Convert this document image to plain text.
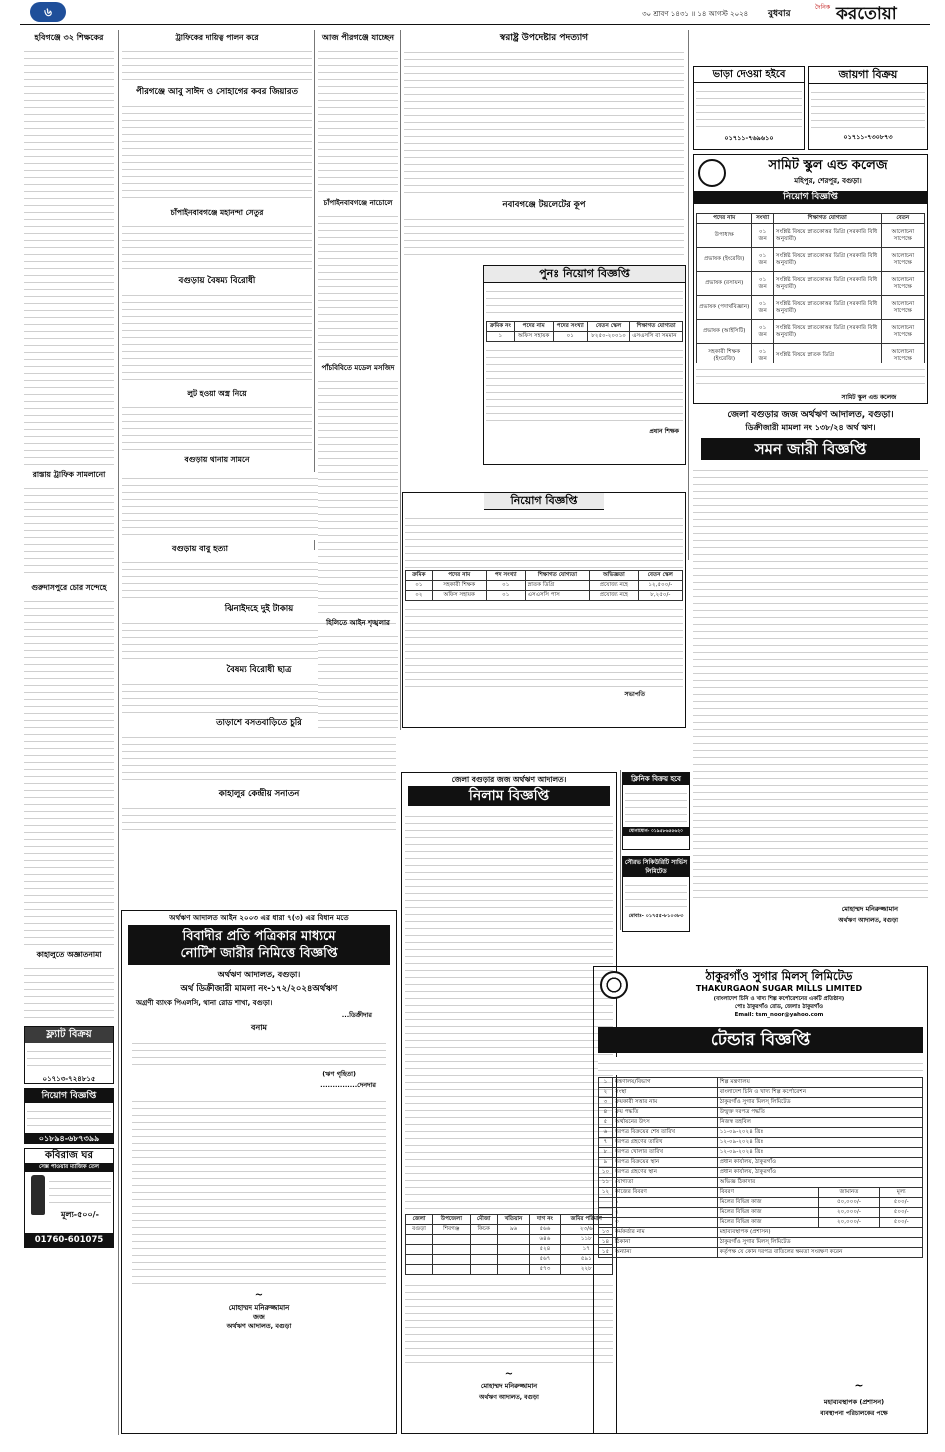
৬	৩০ শ্রাবণ ১৪৩১ ॥ ১৪ আগস্ট ২০২৪ বুধবার
দৈনিক করতোয়া
হবিগঞ্জে ৩২ শিক্ষকের
রাস্তায় ট্রাফিক সামলানো
গুরুদাসপুরে চোর সন্দেহে
কাহালুতে অজ্ঞাতনামা
ফ্ল্যাট বিক্রয়
০১৭১৩-৭২৪৮১৫
নিয়োগ বিজ্ঞপ্তি
০১৮৯৪-৬৮৭৩৯৯
কবিরাজ ঘর
সেক্স পাওয়ার ম্যাজিক তেল
মূল্য-৫০০/-
01760-601075
ট্রাফিকের দায়িত্ব পালন করে
পীরগঞ্জে আবু সাঈদ ও সোহাগের কবর জিয়ারত
চাঁপাইনবাবগঞ্জে মহানন্দা সেতুর
বগুড়ায় বৈষম্য বিরোধী
লুট হওয়া অস্ত্র নিয়ে
বগুড়ায় থানায় সামনে
বগুড়ায় বাবু হত্যা
ঝিনাইদহে দুই টাকায়
বৈষম্য বিরোধী ছাত্র
তাড়াশে বসতবাড়িতে চুরি
কাহালুর কেন্দ্রীয় সনাতন
আজ পীরগঞ্জে যাচ্ছেন
চাঁপাইনবাবগঞ্জে নাচোলে
পাঁচবিবিতে মডেল মসজিদ
হিলিতে আইন শৃঙ্খলার
স্বরাষ্ট্র উপদেষ্টার পদত্যাগ
নবাবগঞ্জে টয়লেটের কূপ
পুনঃ নিয়োগ বিজ্ঞপ্তি
ক্রমিক নং	পদের নাম	পদের সংখ্যা	বেতন স্কেল	শিক্ষাগত যোগ্যতা
১	অফিস সহায়ক	০১	৮২৫০-২০০১০	এসএসসি বা সমমান
প্রধান শিক্ষক
নিয়োগ বিজ্ঞপ্তি
ক্রমিক	পদের নাম	পদ সংখ্যা	শিক্ষাগত যোগ্যতা	অভিজ্ঞতা	বেতন স্কেল
০১	সহকারী শিক্ষক	০১	স্নাতক ডিগ্রি	প্রযোজ্য নহে	১২,৫০০/-
০২	অফিস সহায়ক	০১	এসএসসি পাস	প্রযোজ্য নহে	৮,২৫০/-
সভাপতি
ভাড়া দেওয়া হইবে
০১৭১১-৭৬৯৬১০
জায়গা বিক্রয়
০১৭১১-৭৩০৮৭৩
সামিট স্কুল এন্ড কলেজ
মহিপুর, শেরপুর, বগুড়া।
নিয়োগ বিজ্ঞপ্তি
পদের নাম	সংখ্যা	শিক্ষাগত যোগ্যতা	বেতন
উপাধ্যক্ষ	০১ জন	সংশ্লিষ্ট বিষয়ে স্নাতকোত্তর ডিগ্রি (সরকারি বিধি অনুযায়ী)	আলোচনা সাপেক্ষে
প্রভাষক (ইংরেজি)	০১ জন	সংশ্লিষ্ট বিষয়ে স্নাতকোত্তর ডিগ্রি (সরকারি বিধি অনুযায়ী)	আলোচনা সাপেক্ষে
প্রভাষক (রসায়ন)	০১ জন	সংশ্লিষ্ট বিষয়ে স্নাতকোত্তর ডিগ্রি (সরকারি বিধি অনুযায়ী)	আলোচনা সাপেক্ষে
প্রভাষক (পদার্থবিজ্ঞান)	০১ জন	সংশ্লিষ্ট বিষয়ে স্নাতকোত্তর ডিগ্রি (সরকারি বিধি অনুযায়ী)	আলোচনা সাপেক্ষে
প্রভাষক (আইসিটি)	০১ জন	সংশ্লিষ্ট বিষয়ে স্নাতকোত্তর ডিগ্রি (সরকারি বিধি অনুযায়ী)	আলোচনা সাপেক্ষে
সহকারী শিক্ষক (ইংরেজি)	০১ জন	সংশ্লিষ্ট বিষয়ে স্নাতক ডিগ্রি	আলোচনা সাপেক্ষে
সামিট স্কুল এন্ড কলেজ
জেলা বগুড়ার জজ অর্থঋণ আদালত, বগুড়া।
ডিক্রীজারী মামলা নং ১৩৮/২৪ অর্থ ঋণ।
সমন জারী বিজ্ঞপ্তি
মোহাম্মদ মনিরুজ্জামান
অর্থঋণ আদালত, বগুড়া
অর্থঋণ আদালত আইন ২০০৩ এর ধারা ৭(৩) এর বিধান মতে
বিবাদীর প্রতি পত্রিকার মাধ্যমে
নোটিশ জারীর নিমিত্তে বিজ্ঞপ্তি
অর্থঋণ আদালত, বগুড়া।
অর্থ ডিক্রীজারী মামলা নং-১৭২/২০২৪অর্থঋণ
অগ্রণী ব্যাংক পিএলসি, থানা রোড শাখা, বগুড়া।
...ডিক্রীদার
বনাম
(ঋণ গৃহিতা)
...............দেনদার
~
মোহাম্মদ মনিরুজ্জামান
জজ
অর্থঋণ আদালত, বগুড়া
জেলা বগুড়ার জজ অর্থঋণ আদালত।
নিলাম বিজ্ঞপ্তি
জেলা	উপজেলা	মৌজা	খতিয়ান	দাগ নং	জমির পরিমাণ
বগুড়া	শিবগঞ্জ	কিচক	৯৬	৫৬৬	২৩/৬
				৬৪৬	১১৮
				৫২৪	১৭
				৫৬৭	৫৯১
				৫৭৩	২২৮
~
মোহাম্মদ মনিরুজ্জামান
অর্থঋণ আদালত, বগুড়া
ক্লিনিক বিক্রয় হবে
যোগাযোগ- ০১৯৫৮৬৫৫৬২০
সৌরভ সিকিউরিটি সার্ভিস লিমিটেড
মোবাঃ- ০১৭৫৫-৮১০৩৮৩
ঠাকুরগাঁও সুগার মিলস্ লিমিটেড
THAKURGAON SUGAR MILLS LIMITED
(বাংলাদেশ চিনি ও খাদ্য শিল্প কর্পোরেশনের একটি প্রতিষ্ঠান)
পোঃ ঠাকুরগাঁও রোড, জেলাঃ ঠাকুরগাঁও
Email: tsm_noor@yahoo.com
টেন্ডার বিজ্ঞপ্তি
১	মন্ত্রণালয়/বিভাগ	শিল্প মন্ত্রণালয়		
২	সংস্থা	বাংলাদেশ চিনি ও খাদ্য শিল্প কর্পোরেশন		
৩	ক্রয়কারী সত্তার নাম	ঠাকুরগাঁও সুগার মিলস্ লিমিটেড		
৪	ক্রয় পদ্ধতি	উন্মুক্ত দরপত্র পদ্ধতি		
৫	অর্থায়নের উৎস	নিজস্ব তহবিল		
৬	দরপত্র বিক্রয়ের শেষ তারিখ	১১-০৯-২০২৪ খ্রিঃ		
৭	দরপত্র গ্রহণের তারিখ	১২-০৯-২০২৪ খ্রিঃ		
৮	দরপত্র খোলার তারিখ	১২-০৯-২০২৪ খ্রিঃ		
৯	দরপত্র বিক্রয়ের স্থান	প্রধান কার্যালয়, ঠাকুরগাঁও		
১০	দরপত্র গ্রহণের স্থান	প্রধান কার্যালয়, ঠাকুরগাঁও		
১১	যোগ্যতা	অভিজ্ঞ ঠিকাদার		
১২	কাজের বিবরণ	বিবরণ	জামানত	মূল্য
	১	মিলের বিভিন্ন কাজ	৫০,০০০/-	৫০০/-
	২	মিলের বিভিন্ন কাজ	২০,০০০/-	৫০০/-
	৩	মিলের বিভিন্ন কাজ	২০,০০০/-	৫০০/-
১৩	কর্মকর্তার নাম	মহাব্যবস্থাপক (প্রশাসন)		
১৪	ঠিকানা	ঠাকুরগাঁও সুগার মিলস্ লিমিটেড		
১৫	অন্যান্য	কর্তৃপক্ষ যে কোন দরপত্র বাতিলের ক্ষমতা সংরক্ষণ করেন		
~
মহাব্যবস্থাপক (প্রশাসন)
ব্যবস্থাপনা পরিচালকের পক্ষে
